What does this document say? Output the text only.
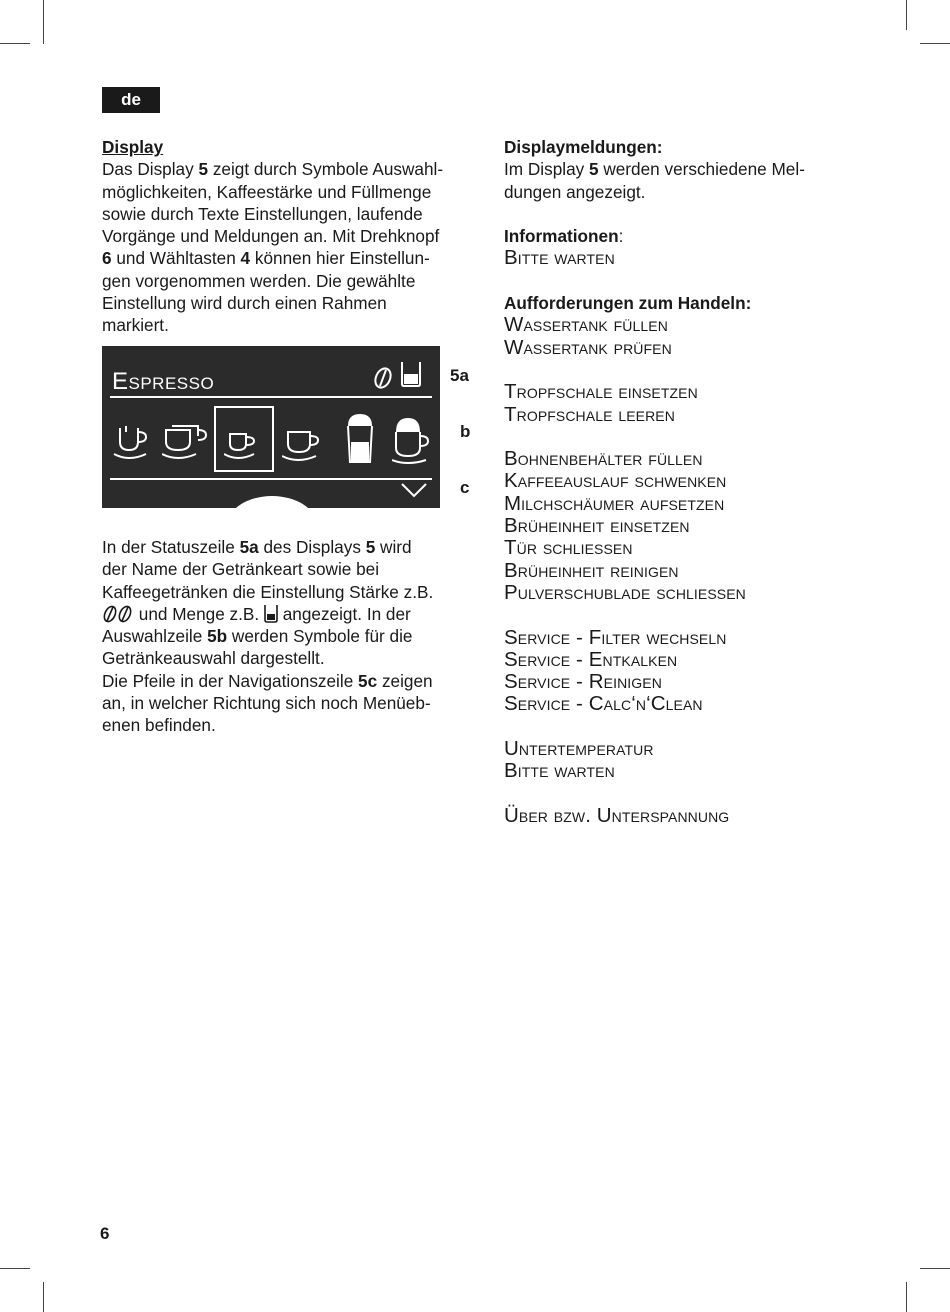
de
Display
Das Display 5 zeigt durch Symbole Auswahl-
möglichkeiten, Kaffeestärke und Füllmenge
sowie durch Texte Einstellungen, laufende
Vorgänge und Meldungen an. Mit Drehknopf
6 und Wähltasten 4 können hier Einstellun-
gen vorgenommen werden. Die gewählte
Einstellung wird durch einen Rahmen
markiert.
Espresso	5a
b
c
In der Statuszeile 5a des Displays 5 wird
der Name der Getränkeart sowie bei
Kaffeegetränken die Einstellung Stärke z.B.
und Menge z.B.  angezeigt. In der
Auswahlzeile 5b werden Symbole für die
Getränkeauswahl dargestellt.
Die Pfeile in der Navigationszeile 5c zeigen
an, in welcher Richtung sich noch Menüeb-
enen befinden.
Displaymeldungen:
Im Display 5 werden verschiedene Mel-
dungen angezeigt.
Informationen:
Bitte warten
Aufforderungen zum Handeln:
Wassertank füllen
Wassertank prüfen
Tropfschale einsetzen
Tropfschale leeren
Bohnenbehälter füllen
Kaffeeauslauf schwenken
Milchschäumer aufsetzen
Brüheinheit einsetzen
Tür schliessen
Brüheinheit reinigen
Pulverschublade schliessen
Service - Filter wechseln
Service - Entkalken
Service - Reinigen
Service - Calc‘n‘Clean
Untertemperatur
Bitte warten
Über bzw. Unterspannung
6
